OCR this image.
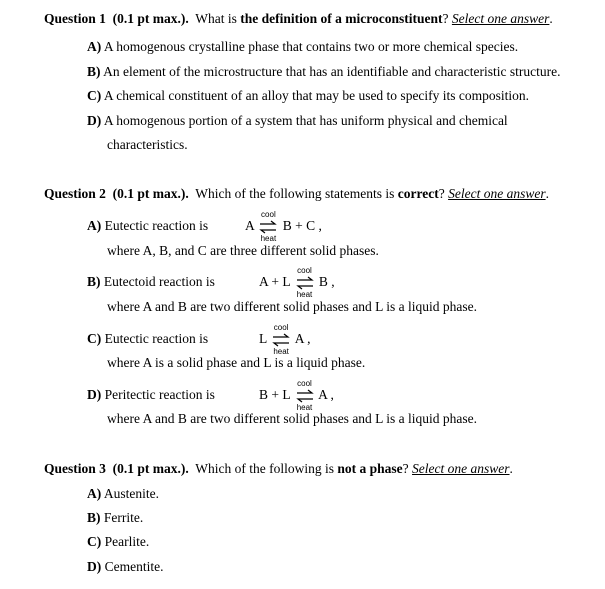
Question 1 (0.1 pt max.). What is the definition of a microconstituent? Select one answer.
A) A homogenous crystalline phase that contains two or more chemical species.
B) An element of the microstructure that has an identifiable and characteristic structure.
C) A chemical constituent of an alloy that may be used to specify its composition.
D) A homogenous portion of a system that has uniform physical and chemical
characteristics.
Question 2 (0.1 pt max.). Which of the following statements is correct? Select one answer.
A) Eutectic reaction is	A
cool
heat
B + C ,
where A, B, and C are three different solid phases.
B) Eutectoid reaction is	A + L
cool
heat
B ,
where A and B are two different solid phases and L is a liquid phase.
C) Eutectic reaction is	L
cool
heat
A ,
where A is a solid phase and L is a liquid phase.
D) Peritectic reaction is	B + L
cool
heat
A ,
where A and B are two different solid phases and L is a liquid phase.
Question 3 (0.1 pt max.). Which of the following is not a phase? Select one answer.
A) Austenite.
B) Ferrite.
C) Pearlite.
D) Cementite.
